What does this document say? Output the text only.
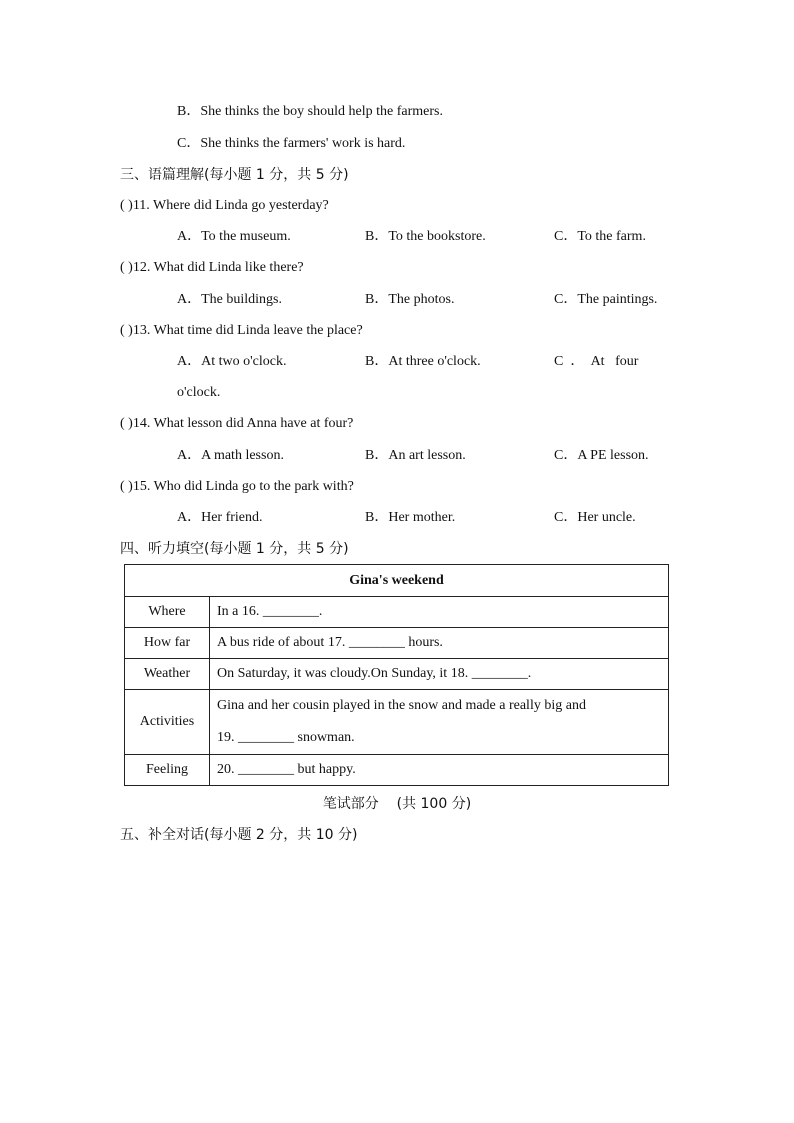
B．She thinks the boy should help the farmers.
C．She thinks the farmers' work is hard.
三、语篇理解(每小题 1 分，共 5 分)
( )11. Where did Linda go yesterday?
A．To the museum.	B．To the bookstore.	C．To the farm.
( )12. What did Linda like there?
A．The buildings.	B．The photos.	C．The paintings.
( )13. What time did Linda leave the place?
A．At two o'clock.	B．At three o'clock.	C  ．  At   four
o'clock.
( )14. What lesson did Anna have at four?
A．A math lesson.	B．An art lesson.	C．A PE lesson.
( )15. Who did Linda go to the park with?
A．Her friend.	B．Her mother.	C．Her uncle.
四、听力填空(每小题 1 分，共 5 分)
Gina's weekend	
Where	In a 16. ________.
How far	A bus ride of about 17. ________ hours.
Weather	On Saturday, it was cloudy.On Sunday, it 18. ________.
Activities	Gina and her cousin played in the snow and made a really big and
19. ________ snowman.

Feeling	20. ________ but happy.
笔试部分    (共 100 分)
五、补全对话(每小题 2 分，共 10 分)
